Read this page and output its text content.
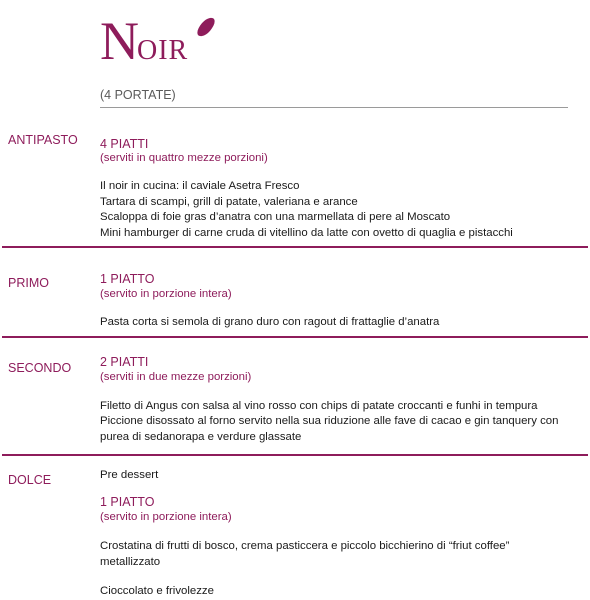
NOIR
(4 PORTATE)
ANTIPASTO 4 PIATTI
(serviti in quattro mezze porzioni)
Il noir in cucina: il caviale Asetra Fresco
Tartara di scampi, grill di patate, valeriana e arance
Scaloppa di foie gras d’anatra con una marmellata di pere al Moscato
Mini hamburger di carne cruda di vitellino da latte con ovetto di quaglia e pistacchi
PRIMO	1 PIATTO
(servito in porzione intera)
Pasta corta si semola di grano duro con ragout di frattaglie d’anatra
SECONDO 2 PIATTI
(serviti in due mezze porzioni)
Filetto di Angus con salsa al vino rosso con chips di patate croccanti e funhi in tempura
Piccione disossato al forno servito nella sua riduzione alle fave di cacao e gin tanquery con
purea di sedanorapa e verdure glassate
DOLCE	Pre dessert
1 PIATTO
(servito in porzione intera)
Crostatina di frutti di bosco, crema pasticcera e piccolo bicchierino di “friut coffee”
metallizzato
Cioccolato e frivolezze
